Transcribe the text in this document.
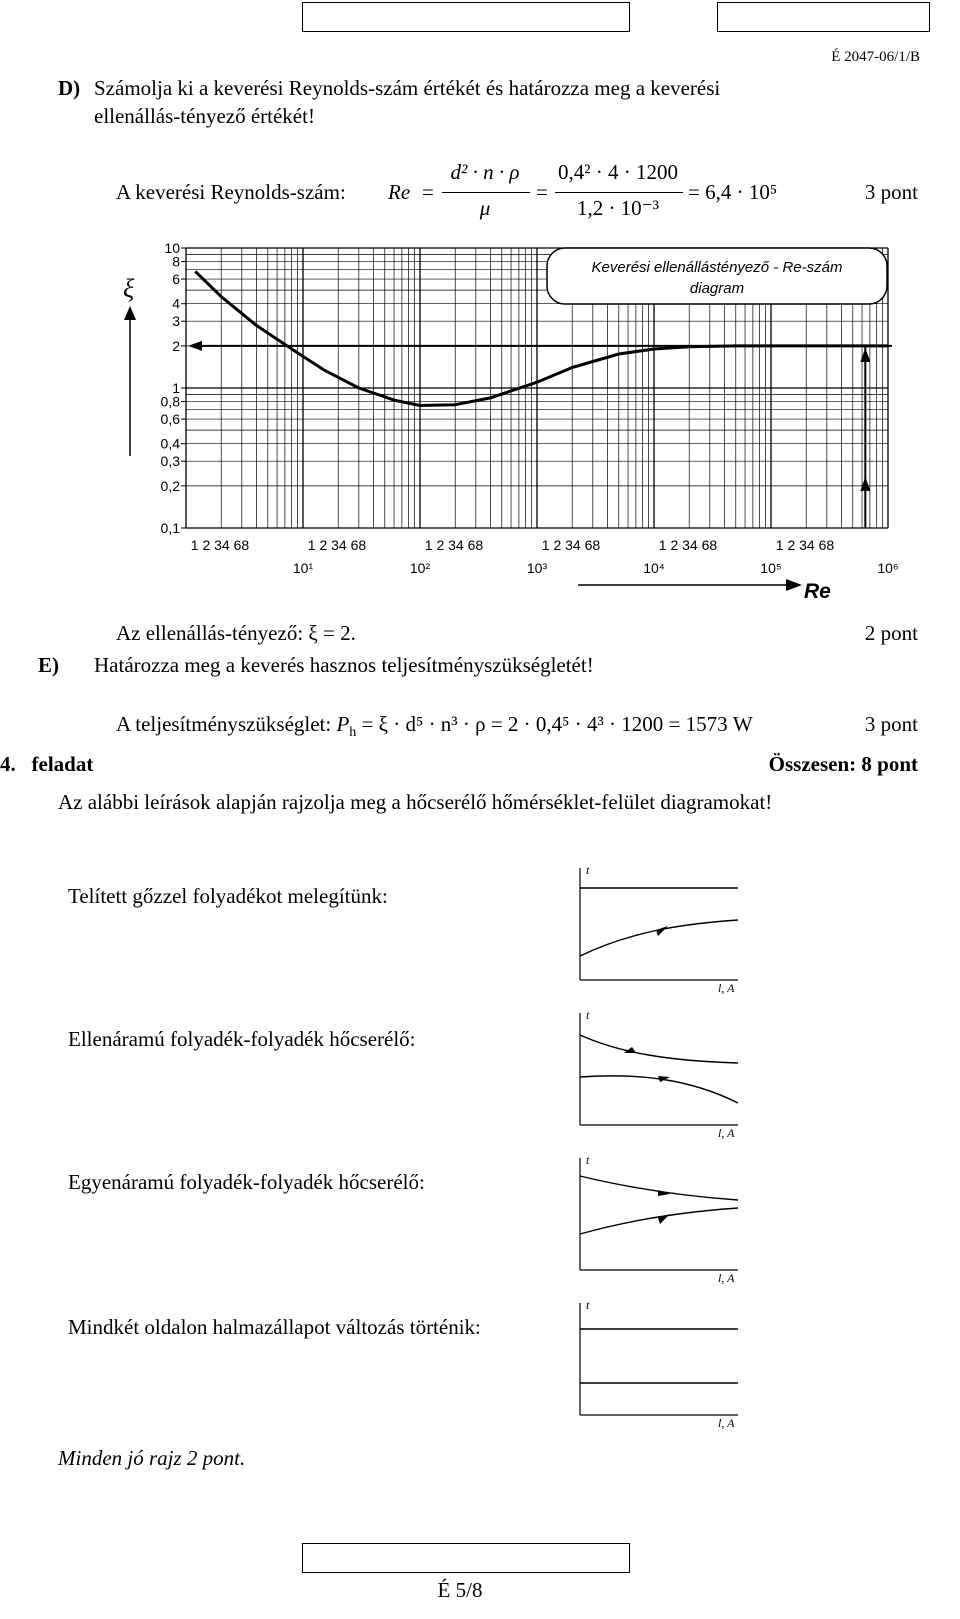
É 2047-06/1/B
D) Számolja ki a keverési Reynolds-szám értékét és határozza meg a keverési
ellenállás-tényező értékét!
A keverési Reynolds-szám: Re =
d² · n · ρ
μ
=
0,4² · 4 · 1200
1,2 · 10⁻³
= 6,4 · 10⁵	3 pont
Keverési ellenállástényező - Re-szám
diagram
ξ
10
8
6
4
3
2
1
0,8
0,6
0,4
0,3
0,2
0,1
1 2 34 68
10¹
1 2 34 68
10²
1 2 34 68
10³
1 2 34 68
10⁴
1 2 34 68
10⁵
1 2 34 68
10⁶
Re
Az ellenállás-tényező: ξ = 2.	2 pont
E) Határozza meg a keverés hasznos teljesítményszükségletét!
A teljesítményszükséglet: $P_h = \xi \cdot d^5 \cdot n^3 \cdot \rho = 2 \cdot 0,4^5 \cdot 4^3 \cdot 1200 = 1573$ W	3 pont
4.   feladat	Összesen: 8 pont
Az alábbi leírások alapján rajzolja meg a hőcserélő hőmérséklet-felület diagramokat!
Telített gőzzel folyadékot melegítünk:
Ellenáramú folyadék-folyadék hőcserélő:
Egyenáramú folyadék-folyadék hőcserélő:
Mindkét oldalon halmazállapot változás történik:
t
l, A
t
l, A
t
l, A
t
l, A
Minden jó rajz 2 pont.
É 5/8
